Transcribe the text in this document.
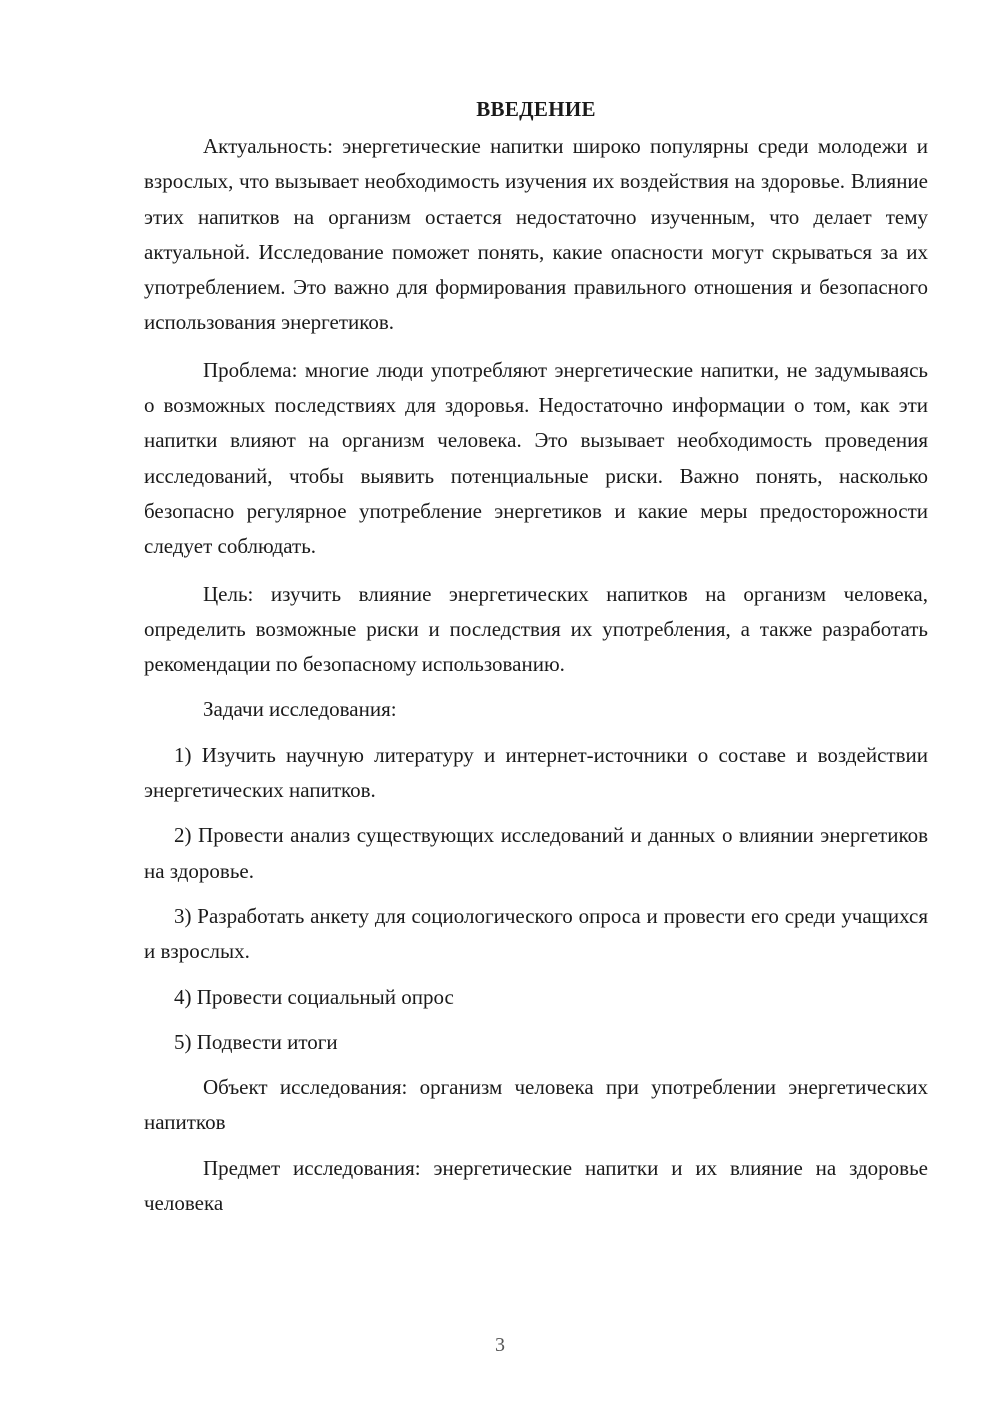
ВВЕДЕНИЕ

Актуальность: энергетические напитки широко популярны среди молодежи и взрослых, что вызывает необходимость изучения их воздействия на здоровье. Влияние этих напитков на организм остается недостаточно изученным, что делает тему актуальной. Исследование поможет понять, какие опасности могут скрываться за их употреблением. Это важно для формирования правильного отношения и безопасного использования энергетиков.

Проблема: многие люди употребляют энергетические напитки, не задумываясь о возможных последствиях для здоровья. Недостаточно информации о том, как эти напитки влияют на организм человека. Это вызывает необходимость проведения исследований, чтобы выявить потенциальные риски. Важно понять, насколько безопасно регулярное употребление энергетиков и какие меры предосторожности следует соблюдать.

Цель: изучить влияние энергетических напитков на организм человека, определить возможные риски и последствия их употребления, а также разработать рекомендации по безопасному использованию.

Задачи исследования:

1) Изучить научную литературу и интернет-источники о составе и воздействии энергетических напитков.

2) Провести анализ существующих исследований и данных о влиянии энергетиков на здоровье.

3) Разработать анкету для социологического опроса и провести его среди учащихся и взрослых.

4) Провести социальный опрос

5) Подвести итоги

Объект исследования: организм человека при употреблении энергетических напитков

Предмет исследования: энергетические напитки и их влияние на здоровье человека

3
